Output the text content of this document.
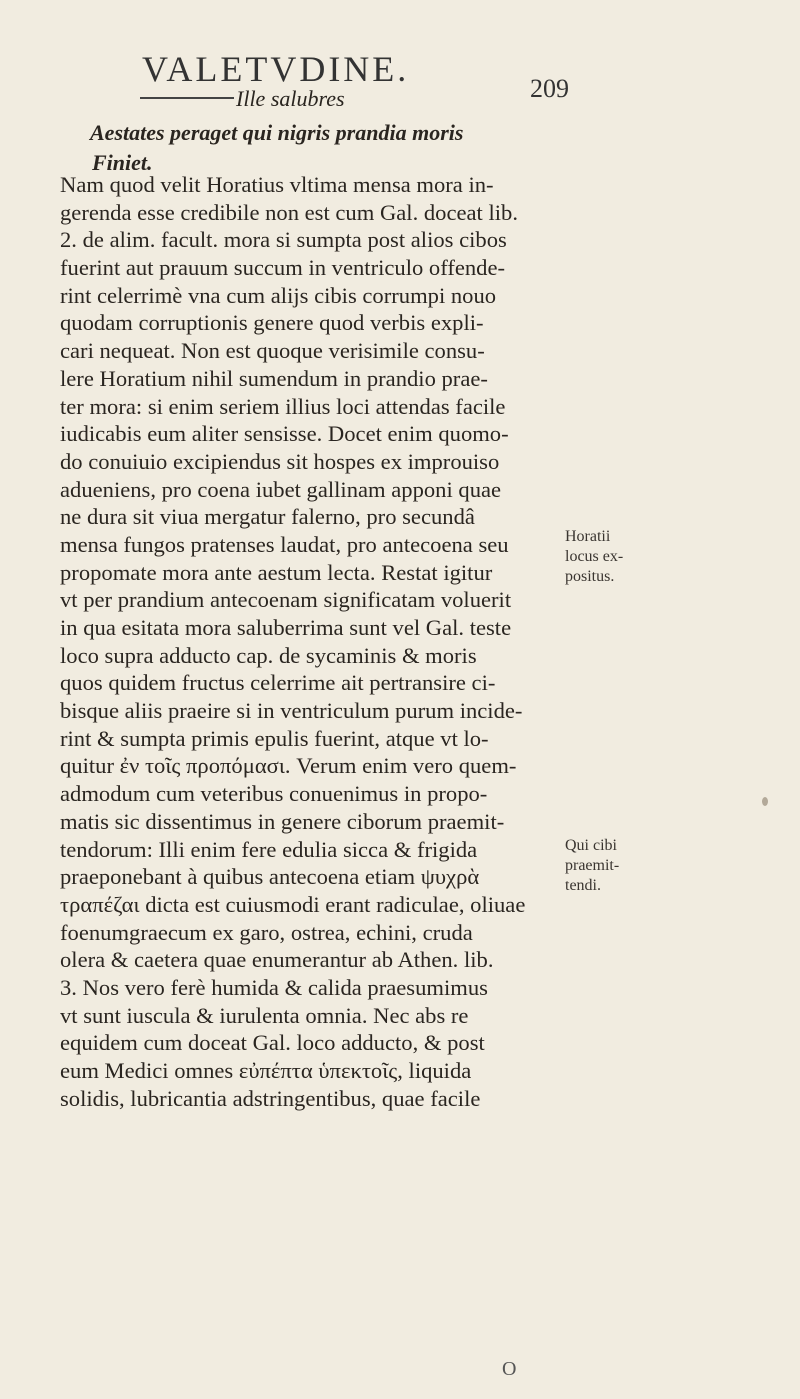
VALETVDINE.	209
Ille salubres
Aestates peraget qui nigris prandia moris
Finiet.
Nam quod velit Horatius vltima mensa mora in-
gerenda esse credibile non est cum Gal. doceat lib.
2. de alim. facult. mora si sumpta post alios cibos
fuerint aut prauum succum in ventriculo offende-
rint celerrimè vna cum alijs cibis corrumpi nouo
quodam corruptionis genere quod verbis expli-
cari nequeat. Non est quoque verisimile consu-
lere Horatium nihil sumendum in prandio prae-
ter mora: si enim seriem illius loci attendas facile
iudicabis eum aliter sensisse. Docet enim quomo-
do conuiuio excipiendus sit hospes ex improuiso
adueniens, pro coena iubet gallinam apponi quae
ne dura sit viua mergatur falerno, pro secundâ
mensa fungos pratenses laudat, pro antecoena seu
propomate mora ante aestum lecta. Restat igitur
vt per prandium antecoenam significatam voluerit
in qua esitata mora saluberrima sunt vel Gal. teste
loco supra adducto cap. de sycaminis & moris
quos quidem fructus celerrime ait pertransire ci-
bisque aliis praeire si in ventriculum purum incide-
rint & sumpta primis epulis fuerint, atque vt lo-
quitur ἐν τοῖς προπόμασι. Verum enim vero quem-
admodum cum veteribus conuenimus in propo-
matis sic dissentimus in genere ciborum praemit-
tendorum: Illi enim fere edulia sicca & frigida
praeponebant à quibus antecoena etiam ψυχρὰ
τραπέζαι dicta est cuiusmodi erant radiculae, oliuae
foenumgraecum ex garo, ostrea, echini, cruda
olera & caetera quae enumerantur ab Athen. lib.
3. Nos vero ferè humida & calida praesumimus
vt sunt iuscula & iurulenta omnia. Nec abs re
equidem cum doceat Gal. loco adducto, & post
eum Medici omnes εὐπέπτα ὑπεκτοῖς, liquida
solidis, lubricantia adstringentibus, quae facile
Horatii
locus ex-
positus.
Qui cibi
praemit-
tendi.
O
